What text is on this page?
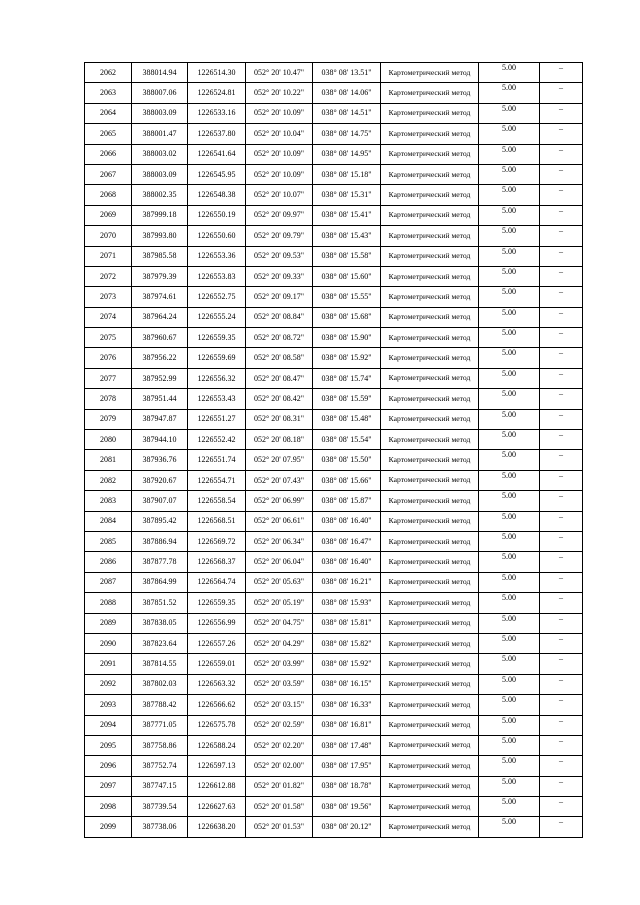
2062	388014.94	1226514.30	052° 20' 10.47"	038° 08' 13.51"	Картометрический метод	5.00	–
2063	388007.06	1226524.81	052° 20' 10.22"	038° 08' 14.06"	Картометрический метод	5.00	–
2064	388003.09	1226533.16	052° 20' 10.09"	038° 08' 14.51"	Картометрический метод	5.00	–
2065	388001.47	1226537.80	052° 20' 10.04"	038° 08' 14.75"	Картометрический метод	5.00	–
2066	388003.02	1226541.64	052° 20' 10.09"	038° 08' 14.95"	Картометрический метод	5.00	–
2067	388003.09	1226545.95	052° 20' 10.09"	038° 08' 15.18"	Картометрический метод	5.00	–
2068	388002.35	1226548.38	052° 20' 10.07"	038° 08' 15.31"	Картометрический метод	5.00	–
2069	387999.18	1226550.19	052° 20' 09.97"	038° 08' 15.41"	Картометрический метод	5.00	–
2070	387993.80	1226550.60	052° 20' 09.79"	038° 08' 15.43"	Картометрический метод	5.00	–
2071	387985.58	1226553.36	052° 20' 09.53"	038° 08' 15.58"	Картометрический метод	5.00	–
2072	387979.39	1226553.83	052° 20' 09.33"	038° 08' 15.60"	Картометрический метод	5.00	–
2073	387974.61	1226552.75	052° 20' 09.17"	038° 08' 15.55"	Картометрический метод	5.00	–
2074	387964.24	1226555.24	052° 20' 08.84"	038° 08' 15.68"	Картометрический метод	5.00	–
2075	387960.67	1226559.35	052° 20' 08.72"	038° 08' 15.90"	Картометрический метод	5.00	–
2076	387956.22	1226559.69	052° 20' 08.58"	038° 08' 15.92"	Картометрический метод	5.00	–
2077	387952.99	1226556.32	052° 20' 08.47"	038° 08' 15.74"	Картометрический метод	5.00	–
2078	387951.44	1226553.43	052° 20' 08.42"	038° 08' 15.59"	Картометрический метод	5.00	–
2079	387947.87	1226551.27	052° 20' 08.31"	038° 08' 15.48"	Картометрический метод	5.00	–
2080	387944.10	1226552.42	052° 20' 08.18"	038° 08' 15.54"	Картометрический метод	5.00	–
2081	387936.76	1226551.74	052° 20' 07.95"	038° 08' 15.50"	Картометрический метод	5.00	–
2082	387920.67	1226554.71	052° 20' 07.43"	038° 08' 15.66"	Картометрический метод	5.00	–
2083	387907.07	1226558.54	052° 20' 06.99"	038° 08' 15.87"	Картометрический метод	5.00	–
2084	387895.42	1226568.51	052° 20' 06.61"	038° 08' 16.40"	Картометрический метод	5.00	–
2085	387886.94	1226569.72	052° 20' 06.34"	038° 08' 16.47"	Картометрический метод	5.00	–
2086	387877.78	1226568.37	052° 20' 06.04"	038° 08' 16.40"	Картометрический метод	5.00	–
2087	387864.99	1226564.74	052° 20' 05.63"	038° 08' 16.21"	Картометрический метод	5.00	–
2088	387851.52	1226559.35	052° 20' 05.19"	038° 08' 15.93"	Картометрический метод	5.00	–
2089	387838.05	1226556.99	052° 20' 04.75"	038° 08' 15.81"	Картометрический метод	5.00	–
2090	387823.64	1226557.26	052° 20' 04.29"	038° 08' 15.82"	Картометрический метод	5.00	–
2091	387814.55	1226559.01	052° 20' 03.99"	038° 08' 15.92"	Картометрический метод	5.00	–
2092	387802.03	1226563.32	052° 20' 03.59"	038° 08' 16.15"	Картометрический метод	5.00	–
2093	387788.42	1226566.62	052° 20' 03.15"	038° 08' 16.33"	Картометрический метод	5.00	–
2094	387771.05	1226575.78	052° 20' 02.59"	038° 08' 16.81"	Картометрический метод	5.00	–
2095	387758.86	1226588.24	052° 20' 02.20"	038° 08' 17.48"	Картометрический метод	5.00	–
2096	387752.74	1226597.13	052° 20' 02.00"	038° 08' 17.95"	Картометрический метод	5.00	–
2097	387747.15	1226612.88	052° 20' 01.82"	038° 08' 18.78"	Картометрический метод	5.00	–
2098	387739.54	1226627.63	052° 20' 01.58"	038° 08' 19.56"	Картометрический метод	5.00	–
2099	387738.06	1226638.20	052° 20' 01.53"	038° 08' 20.12"	Картометрический метод	5.00	–
